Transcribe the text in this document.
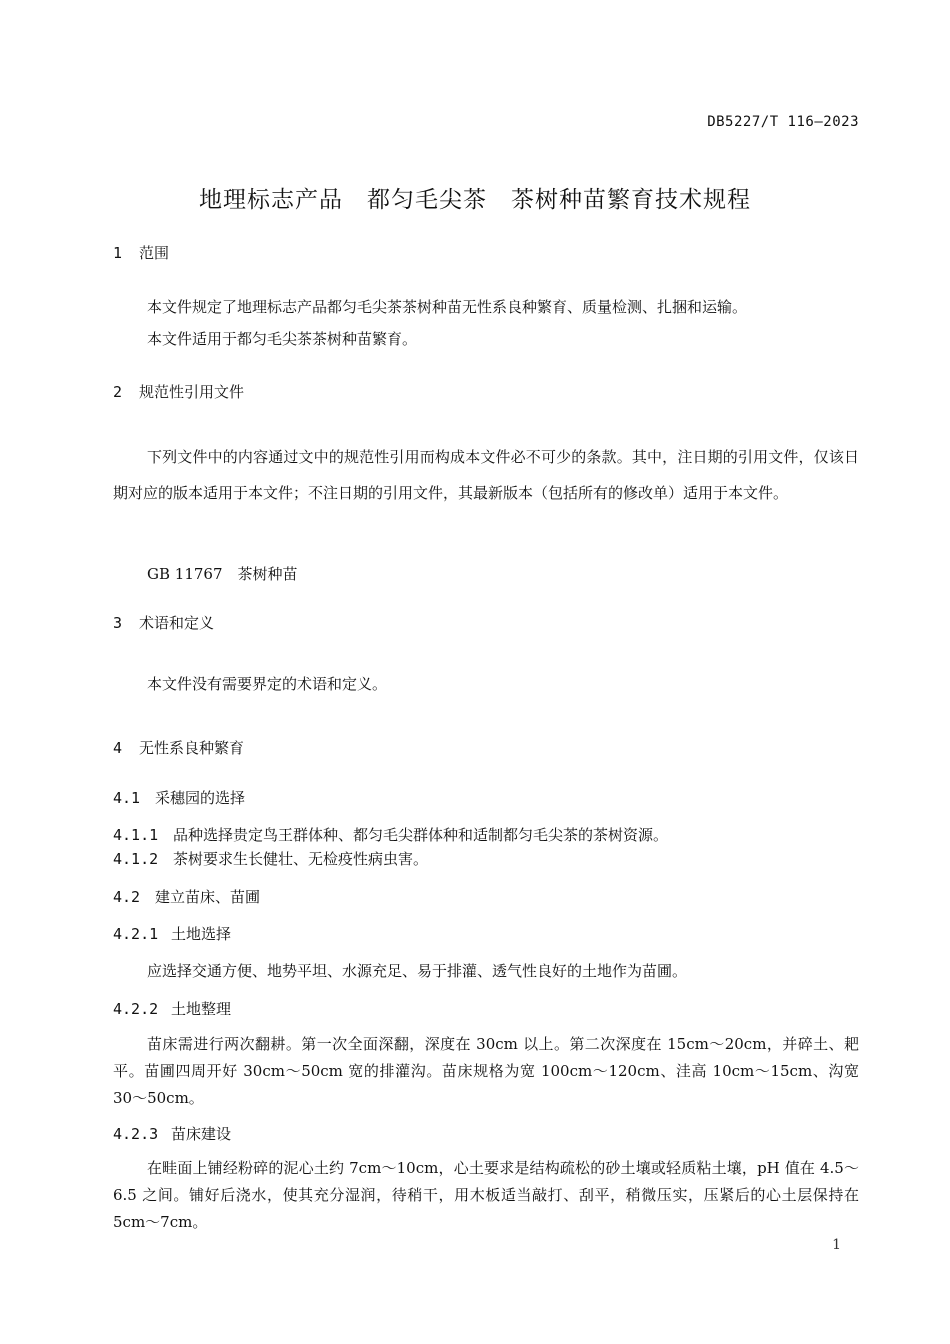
DB5227/T 116—2023
地理标志产品　都匀毛尖茶　茶树种苗繁育技术规程
1 范围
本文件规定了地理标志产品都匀毛尖茶茶树种苗无性系良种繁育、质量检测、扎捆和运输。
本文件适用于都匀毛尖茶茶树种苗繁育。
2 规范性引用文件
下列文件中的内容通过文中的规范性引用而构成本文件必不可少的条款。其中，注日期的引用文件，仅该日期对应的版本适用于本文件；不注日期的引用文件，其最新版本（包括所有的修改单）适用于本文件。
GB 11767　茶树种苗
3 术语和定义
本文件没有需要界定的术语和定义。
4 无性系良种繁育
4.1 采穗园的选择
4.1.1 品种选择贵定鸟王群体种、都匀毛尖群体种和适制都匀毛尖茶的茶树资源。
4.1.2 茶树要求生长健壮、无检疫性病虫害。
4.2 建立苗床、苗圃
4.2.1 土地选择
应选择交通方便、地势平坦、水源充足、易于排灌、透气性良好的土地作为苗圃。
4.2.2 土地整理
苗床需进行两次翻耕。第一次全面深翻，深度在 30cm 以上。第二次深度在 15cm～20cm，并碎土、耙平。苗圃四周开好 30cm～50cm 宽的排灌沟。苗床规格为宽 100cm～120cm、洼高 10cm～15cm、沟宽 30～50cm。
4.2.3 苗床建设
在畦面上铺经粉碎的泥心土约 7cm～10cm，心土要求是结构疏松的砂土壤或轻质粘土壤，pH 值在 4.5～6.5 之间。铺好后浇水，使其充分湿润，待稍干，用木板适当敲打、刮平，稍微压实，压紧后的心土层保持在 5cm～7cm。
1
